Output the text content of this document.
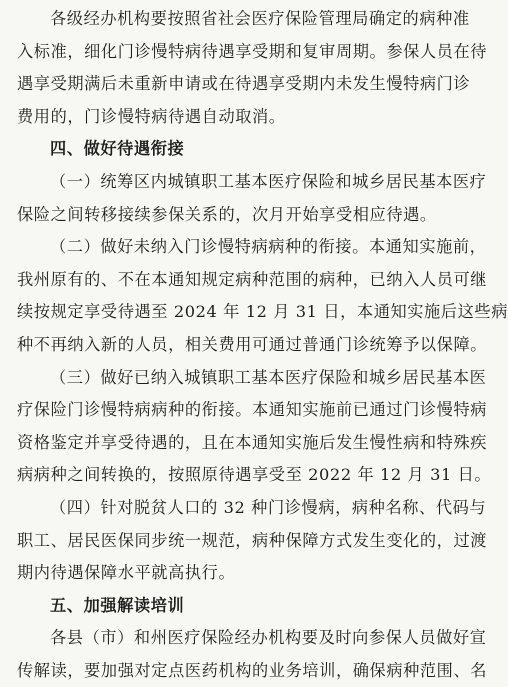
各级经办机构要按照省社会医疗保险管理局确定的病种准
入标准，细化门诊慢特病待遇享受期和复审周期。参保人员在待
遇享受期满后未重新申请或在待遇享受期内未发生慢特病门诊
费用的，门诊慢特病待遇自动取消。
四、做好待遇衔接
（一）统筹区内城镇职工基本医疗保险和城乡居民基本医疗
保险之间转移接续参保关系的，次月开始享受相应待遇。
（二）做好未纳入门诊慢特病病种的衔接。本通知实施前，
我州原有的、不在本通知规定病种范围的病种，已纳入人员可继
续按规定享受待遇至 2024 年 12 月 31 日，本通知实施后这些病
种不再纳入新的人员，相关费用可通过普通门诊统筹予以保障。
（三）做好已纳入城镇职工基本医疗保险和城乡居民基本医
疗保险门诊慢特病病种的衔接。本通知实施前已通过门诊慢特病
资格鉴定并享受待遇的，且在本通知实施后发生慢性病和特殊疾
病病种之间转换的，按照原待遇享受至 2022 年 12 月 31 日。
（四）针对脱贫人口的 32 种门诊慢病，病种名称、代码与
职工、居民医保同步统一规范，病种保障方式发生变化的，过渡
期内待遇保障水平就高执行。
五、加强解读培训
各县（市）和州医疗保险经办机构要及时向参保人员做好宣
传解读，要加强对定点医药机构的业务培训，确保病种范围、名
